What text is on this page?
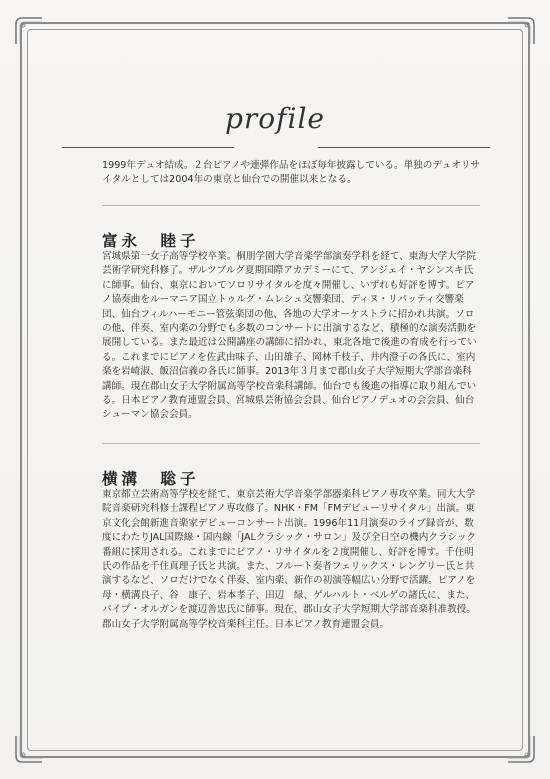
profile

1999年デュオ結成。２台ピアノや連弾作品をほぼ毎年披露している。単独のデュオリサイタルとしては2004年の東京と仙台での開催以来となる。

富永　睦子

宮城県第一女子高等学校卒業。桐朋学園大学音楽学部演奏学科を経て、東海大学大学院芸術学研究科修了。ザルツブルグ夏期国際アカデミーにて、アンジェイ・ヤシンスキ氏に師事。仙台、東京においてソロリサイタルを度々開催し、いずれも好評を博す。ピアノ協奏曲をルーマニア国立トゥルグ・ムレシュ交響楽団、ディヌ・リパッティ交響楽団、仙台フィルハーモニー管弦楽団の他、各地の大学オーケストラに招かれ共演。ソロの他、伴奏、室内楽の分野でも多数のコンサートに出演するなど、積極的な演奏活動を展開している。また最近は公開講座の講師に招かれ、東北各地で後進の育成を行っている。これまでにピアノを佐武由味子、山田雄子、岡林千枝子、井内澄子の各氏に、室内楽を岩崎淑、飯沼信義の各氏に師事。2013年３月まで郡山女子大学短期大学部音楽科講師。現在郡山女子大学附属高等学校音楽科講師。仙台でも後進の指導に取り組んでいる。日本ピアノ教育連盟会員、宮城県芸術協会会員、仙台ピアノデュオの会会員、仙台シューマン協会会員。

横溝　聡子

東京都立芸術高等学校を経て、東京芸術大学音楽学部器楽科ピアノ専攻卒業。同大大学院音楽研究科修士課程ピアノ専攻修了。NHK・FM「FMデビューリサイタル」出演。東京文化会館新進音楽家デビューコンサート出演。1996年11月演奏のライブ録音が、数度にわたりJAL国際線・国内線「JALクラシック・サロン」及び全日空の機内クラシック番組に採用される。これまでにピアノ・リサイタルを２度開催し、好評を博す。千住明氏の作品を千住真理子氏と共演。また、フルート奏者フェリックス・レングリー氏と共演するなど、ソロだけでなく伴奏、室内楽、新作の初演等幅広い分野で活躍。ピアノを母・横溝良子、谷　康子、岩本孝子、田辺　緑、ゲルハルト・ベルゲの諸氏に、また、パイプ・オルガンを渡辺善忠氏に師事。現在、郡山女子大学短期大学部音楽科准教授。郡山女子大学附属高等学校音楽科主任。日本ピアノ教育連盟会員。
